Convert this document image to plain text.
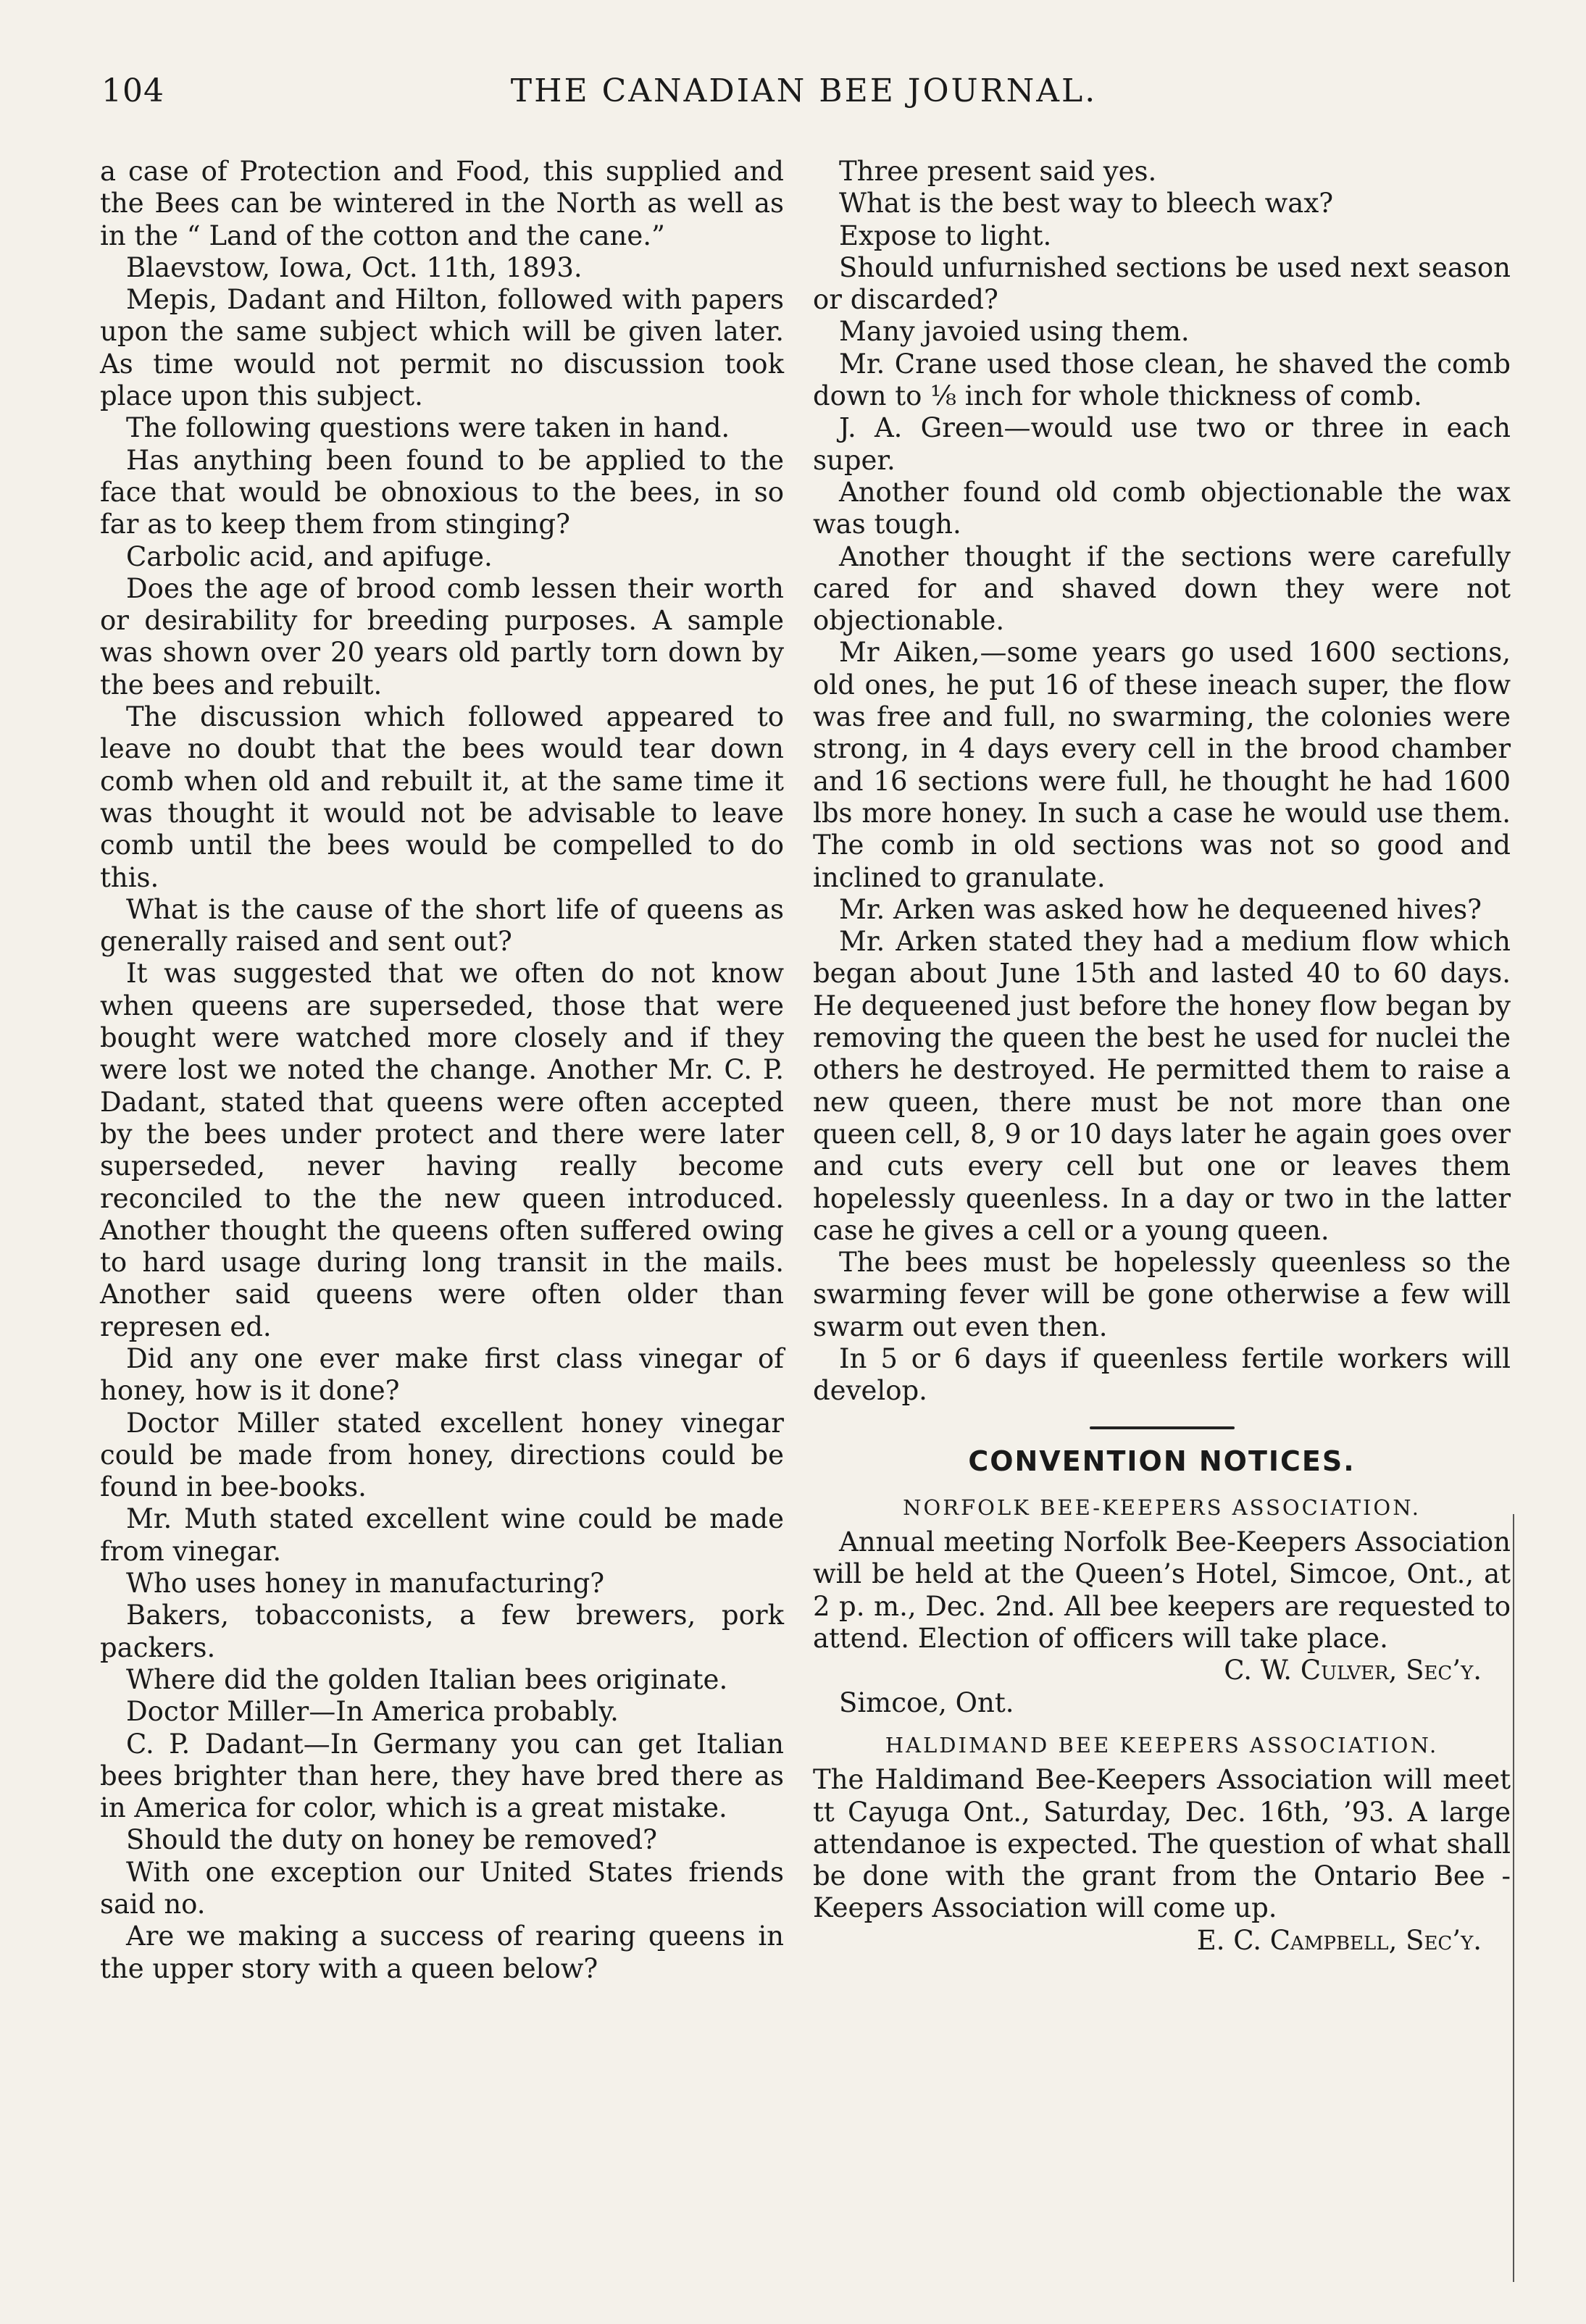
104	THE CANADIAN BEE JOURNAL.

a case of Protection and Food, this supplied and the Bees can be wintered in the North as well as in the “ Land of the cotton and the cane.”

Blaevstow, Iowa, Oct. 11th, 1893.

Mepis, Dadant and Hilton, followed with papers upon the same subject which will be given later. As time would not permit no discussion took place upon this subject.

The following questions were taken in hand.

Has anything been found to be applied to the face that would be obnoxious to the bees, in so far as to keep them from stinging?

Carbolic acid, and apifuge.

Does the age of brood comb lessen their worth or desirability for breeding purposes. A sample was shown over 20 years old partly torn down by the bees and rebuilt.

The discussion which followed appeared to leave no doubt that the bees would tear down comb when old and rebuilt it, at the same time it was thought it would not be advisable to leave comb until the bees would be compelled to do this.

What is the cause of the short life of queens as generally raised and sent out?

It was suggested that we often do not know when queens are superseded, those that were bought were watched more closely and if they were lost we noted the change. Another Mr. C. P. Dadant, stated that queens were often accepted by the bees under protect and there were later superseded, never having really become reconciled to the the new queen introduced. Another thought the queens often suffered owing to hard usage during long transit in the mails. Another said queens were often older than represen ed.

Did any one ever make first class vinegar of honey, how is it done?

Doctor Miller stated excellent honey vinegar could be made from honey, directions could be found in bee-books.

Mr. Muth stated excellent wine could be made from vinegar.

Who uses honey in manufacturing?

Bakers, tobacconists, a few brewers, pork packers.

Where did the golden Italian bees originate.

Doctor Miller—In America probably.

C. P. Dadant—In Germany you can get Italian bees brighter than here, they have bred there as in America for color, which is a great mistake.

Should the duty on honey be removed?

With one exception our United States friends said no.

Are we making a success of rearing queens in the upper story with a queen below?

Three present said yes.

What is the best way to bleech wax?

Expose to light.

Should unfurnished sections be used next season or discarded?

Many javoied using them.

Mr. Crane used those clean, he shaved the comb down to ⅛ inch for whole thickness of comb.

J. A. Green—would use two or three in each super.

Another found old comb objectionable the wax was tough.

Another thought if the sections were carefully cared for and shaved down they were not objectionable.

Mr Aiken,—some years go used 1600 sections, old ones, he put 16 of these ineach super, the flow was free and full, no swarming, the colonies were strong, in 4 days every cell in the brood chamber and 16 sections were full, he thought he had 1600 lbs more honey. In such a case he would use them. The comb in old sections was not so good and inclined to granulate.

Mr. Arken was asked how he dequeened hives?

Mr. Arken stated they had a medium flow which began about June 15th and lasted 40 to 60 days. He dequeened just before the honey flow began by removing the queen the best he used for nuclei the others he destroyed. He permitted them to raise a new queen, there must be not more than one queen cell, 8, 9 or 10 days later he again goes over and cuts every cell but one or leaves them hopelessly queenless. In a day or two in the latter case he gives a cell or a young queen.

The bees must be hopelessly queenless so the swarming fever will be gone otherwise a few will swarm out even then.

In 5 or 6 days if queenless fertile workers will develop.

CONVENTION NOTICES.
NORFOLK BEE-KEEPERS ASSOCIATION.

Annual meeting Norfolk Bee-Keepers Association will be held at the Queen’s Hotel, Simcoe, Ont., at 2 p. m., Dec. 2nd. All bee keepers are requested to attend. Election of officers will take place.

C. W. Culver, Sec’y.

Simcoe, Ont.

HALDIMAND BEE KEEPERS ASSOCIATION.

The Haldimand Bee-Keepers Association will meet tt Cayuga Ont., Saturday, Dec. 16th, ’93. A large attendanoe is expected. The question of what shall be done with the grant from the Ontario Bee - Keepers Association will come up.

E. C. Campbell, Sec’y.
